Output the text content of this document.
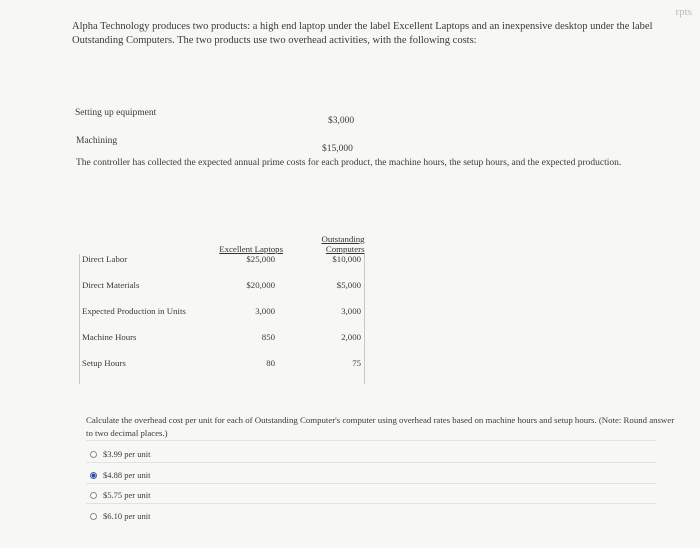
rpts
Alpha Technology produces two products: a high end laptop under the label Excellent Laptops and an inexpensive desktop under the label Outstanding Computers. The two products use two overhead activities, with the following costs:
Setting up equipment
$3,000
Machining
$15,000
The controller has collected the expected annual prime costs for each product, the machine hours, the setup hours, and the expected production.
	Excellent Laptops	Outstanding Computers
Direct Labor	$25,000	$10,000
Direct Materials	$20,000	$5,000
Expected Production in Units	3,000	3,000
Machine Hours	850	2,000
Setup Hours	80	75
Calculate the overhead cost per unit for each of Outstanding Computer's computer using overhead rates based on machine hours and setup hours. (Note: Round answer to two decimal places.)
$3.99 per unit
$4.88 per unit
$5.75 per unit
$6.10 per unit
